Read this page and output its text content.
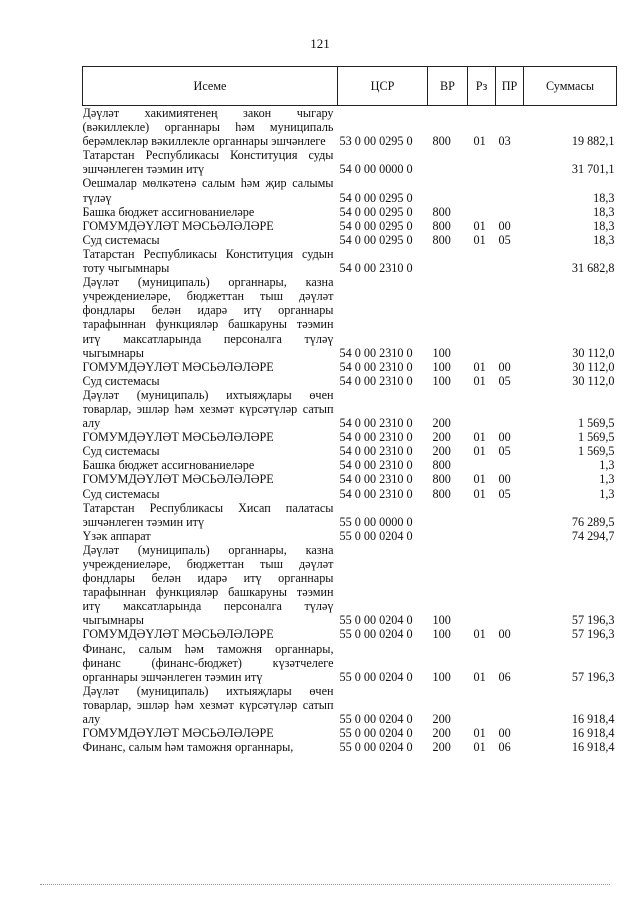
121
Исеме	ЦСР	ВР	Рз	ПР	Суммасы
Дәүләт хакимиятенең закон чыгару (вәкиллекле) органнары һәм муниципаль берәмлекләр вәкиллекле органнары эшчәнлеге	53 0 00 0295 0	800	01	03	19 882,1
Татарстан Республикасы Конституция суды эшчәнлеген тәэмин итү	54 0 00 0000 0				31 701,1
Оешмалар мөлкәтенә салым һәм җир салымы түләү	54 0 00 0295 0				18,3
Башка бюджет ассигнованиеләре	54 0 00 0295 0	800			18,3
ГОМУМДӘҮЛӘТ МӘСЬӘЛӘЛӘРЕ	54 0 00 0295 0	800	01	00	18,3
Суд системасы	54 0 00 0295 0	800	01	05	18,3
Татарстан Республикасы Конституция судын тоту чыгымнары	54 0 00 2310 0				31 682,8
Дәүләт (муниципаль) органнары, казна учреждениеләре, бюджеттан тыш дәүләт фондлары белән идарә итү органнары тарафыннан функцияләр башкаруны тәэмин итү максатларында персоналга түләү чыгымнары	54 0 00 2310 0	100			30 112,0
ГОМУМДӘҮЛӘТ МӘСЬӘЛӘЛӘРЕ	54 0 00 2310 0	100	01	00	30 112,0
Суд системасы	54 0 00 2310 0	100	01	05	30 112,0
Дәүләт (муниципаль) ихтыяҗлары өчен товарлар, эшләр һәм хезмәт күрсәтүләр сатып алу	54 0 00 2310 0	200			1 569,5
ГОМУМДӘҮЛӘТ МӘСЬӘЛӘЛӘРЕ	54 0 00 2310 0	200	01	00	1 569,5
Суд системасы	54 0 00 2310 0	200	01	05	1 569,5
Башка бюджет ассигнованиеләре	54 0 00 2310 0	800			1,3
ГОМУМДӘҮЛӘТ МӘСЬӘЛӘЛӘРЕ	54 0 00 2310 0	800	01	00	1,3
Суд системасы	54 0 00 2310 0	800	01	05	1,3
Татарстан Республикасы Хисап палатасы эшчәнлеген тәэмин итү	55 0 00 0000 0				76 289,5
Үзәк аппарат	55 0 00 0204 0				74 294,7
Дәүләт (муниципаль) органнары, казна учреждениеләре, бюджеттан тыш дәүләт фондлары белән идарә итү органнары тарафыннан функцияләр башкаруны тәэмин итү максатларында персоналга түләү чыгымнары	55 0 00 0204 0	100			57 196,3
ГОМУМДӘҮЛӘТ МӘСЬӘЛӘЛӘРЕ	55 0 00 0204 0	100	01	00	57 196,3
Финанс, салым һәм таможня органнары, финанс (финанс-бюджет) күзәтчелеге органнары эшчәнлеген тәэмин итү	55 0 00 0204 0	100	01	06	57 196,3
Дәүләт (муниципаль) ихтыяҗлары өчен товарлар, эшләр һәм хезмәт күрсәтүләр сатып алу	55 0 00 0204 0	200			16 918,4
ГОМУМДӘҮЛӘТ МӘСЬӘЛӘЛӘРЕ	55 0 00 0204 0	200	01	00	16 918,4
Финанс, салым һәм таможня органнары,	55 0 00 0204 0	200	01	06	16 918,4
